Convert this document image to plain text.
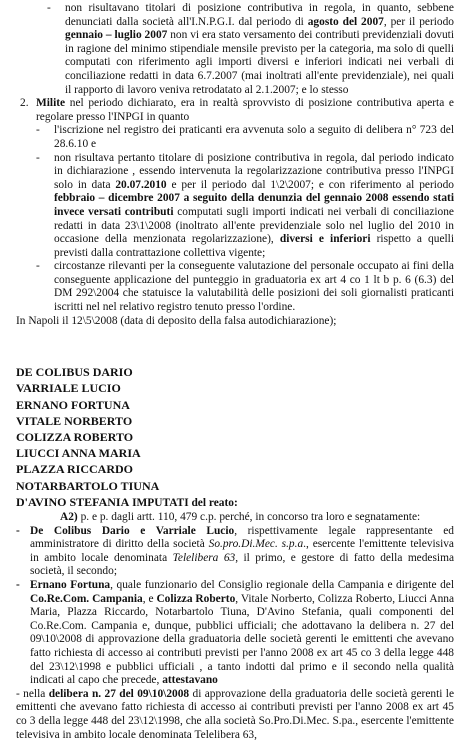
-	non risultavano titolari di posizione contributiva in regola, in quanto, sebbene denunciati dalla società all'I.N.P.G.I. dal periodo di agosto del 2007, per il periodo gennaio – luglio 2007 non vi era stato versamento dei contributi previdenziali dovuti in ragione del minimo stipendiale mensile previsto per la categoria, ma solo di quelli computati con riferimento agli importi diversi e inferiori indicati nei verbali di conciliazione redatti in data 6.7.2007 (mai inoltrati all'ente previdenziale), nei quali il rapporto di lavoro veniva retrodatato al 2.1.2007; e lo stesso
2. Milite nel periodo dichiarato, era in realtà sprovvisto di posizione contributiva aperta e regolare presso l'INPGI in quanto
-	l'iscrizione nel registro dei praticanti era avvenuta solo a seguito di delibera n° 723 del 28.6.10 e
-	non risultava pertanto titolare di posizione contributiva in regola, dal periodo indicato in dichiarazione , essendo intervenuta la regolarizzazione contributiva presso l'INPGI solo in data 20.07.2010 e per il periodo dal 1\2\2007; e con riferimento al periodo febbraio – dicembre 2007 a seguito della denunzia del gennaio 2008 essendo stati invece versati contributi computati sugli importi indicati nei verbali di conciliazione redatti in data 23\1\2008 (inoltrato all'ente previdenziale solo nel luglio del 2010 in occasione della menzionata regolarizzazione), diversi e inferiori rispetto a quelli previsti dalla contrattazione collettiva vigente;
-	circostanze rilevanti per la conseguente valutazione del personale occupato ai fini della conseguente applicazione del punteggio in graduatoria ex art 4 co 1 lt b p. 6 (6.3) del DM 292\2004 che statuisce la valutabilità delle posizioni dei soli giornalisti praticanti iscritti nel nel relativo registro tenuto presso l'ordine.

In Napoli il 12\5\2008 (data di deposito della falsa autodichiarazione);

DE COLIBUS DARIO
VARRIALE LUCIO
ERNANO FORTUNA
VITALE NORBERTO
COLIZZA ROBERTO
LIUCCI ANNA MARIA
PLAZZA RICCARDO
NOTARBARTOLO TIUNA
D'AVINO STEFANIA IMPUTATI del reato:

A2) p. e p. dagli artt. 110, 479 c.p. perché, in concorso tra loro e segnatamente:

- De Colibus Dario e Varriale Lucio, rispettivamente legale rappresentante ed amministratore di diritto della società So.pro.Di.Mec. s.p.a., esercente l'emittente televisiva in ambito locale denominata Telelibera 63, il primo, e gestore di fatto della medesima società, il secondo;
- Ernano Fortuna, quale funzionario del Consiglio regionale della Campania e dirigente del Co.Re.Com. Campania, e Colizza Roberto, Vitale Norberto, Colizza Roberto, Liucci Anna Maria, Plazza Riccardo, Notarbartolo Tiuna, D'Avino Stefania, quali componenti del Co.Re.Com. Campania e, dunque, pubblici ufficiali; che adottavano la delibera n. 27 del 09\10\2008 di approvazione della graduatoria delle società gerenti le emittenti che avevano fatto richiesta di accesso ai contributi previsti per l'anno 2008 ex art 45 co 3 della legge 448 del 23\12\1998 e pubblici ufficiali , a tanto indotti dal primo e il secondo nella qualità indicati al capo che precede, attestavano

- nella delibera n. 27 del 09\10\2008 di approvazione della graduatoria delle società gerenti le emittenti che avevano fatto richiesta di accesso ai contributi previsti per l'anno 2008 ex art 45 co 3 della legge 448 del 23\12\1998, che alla società So.Pro.Di.Mec. S.pa., esercente l'emittente televisiva in ambito locale denominata Telelibera 63,
